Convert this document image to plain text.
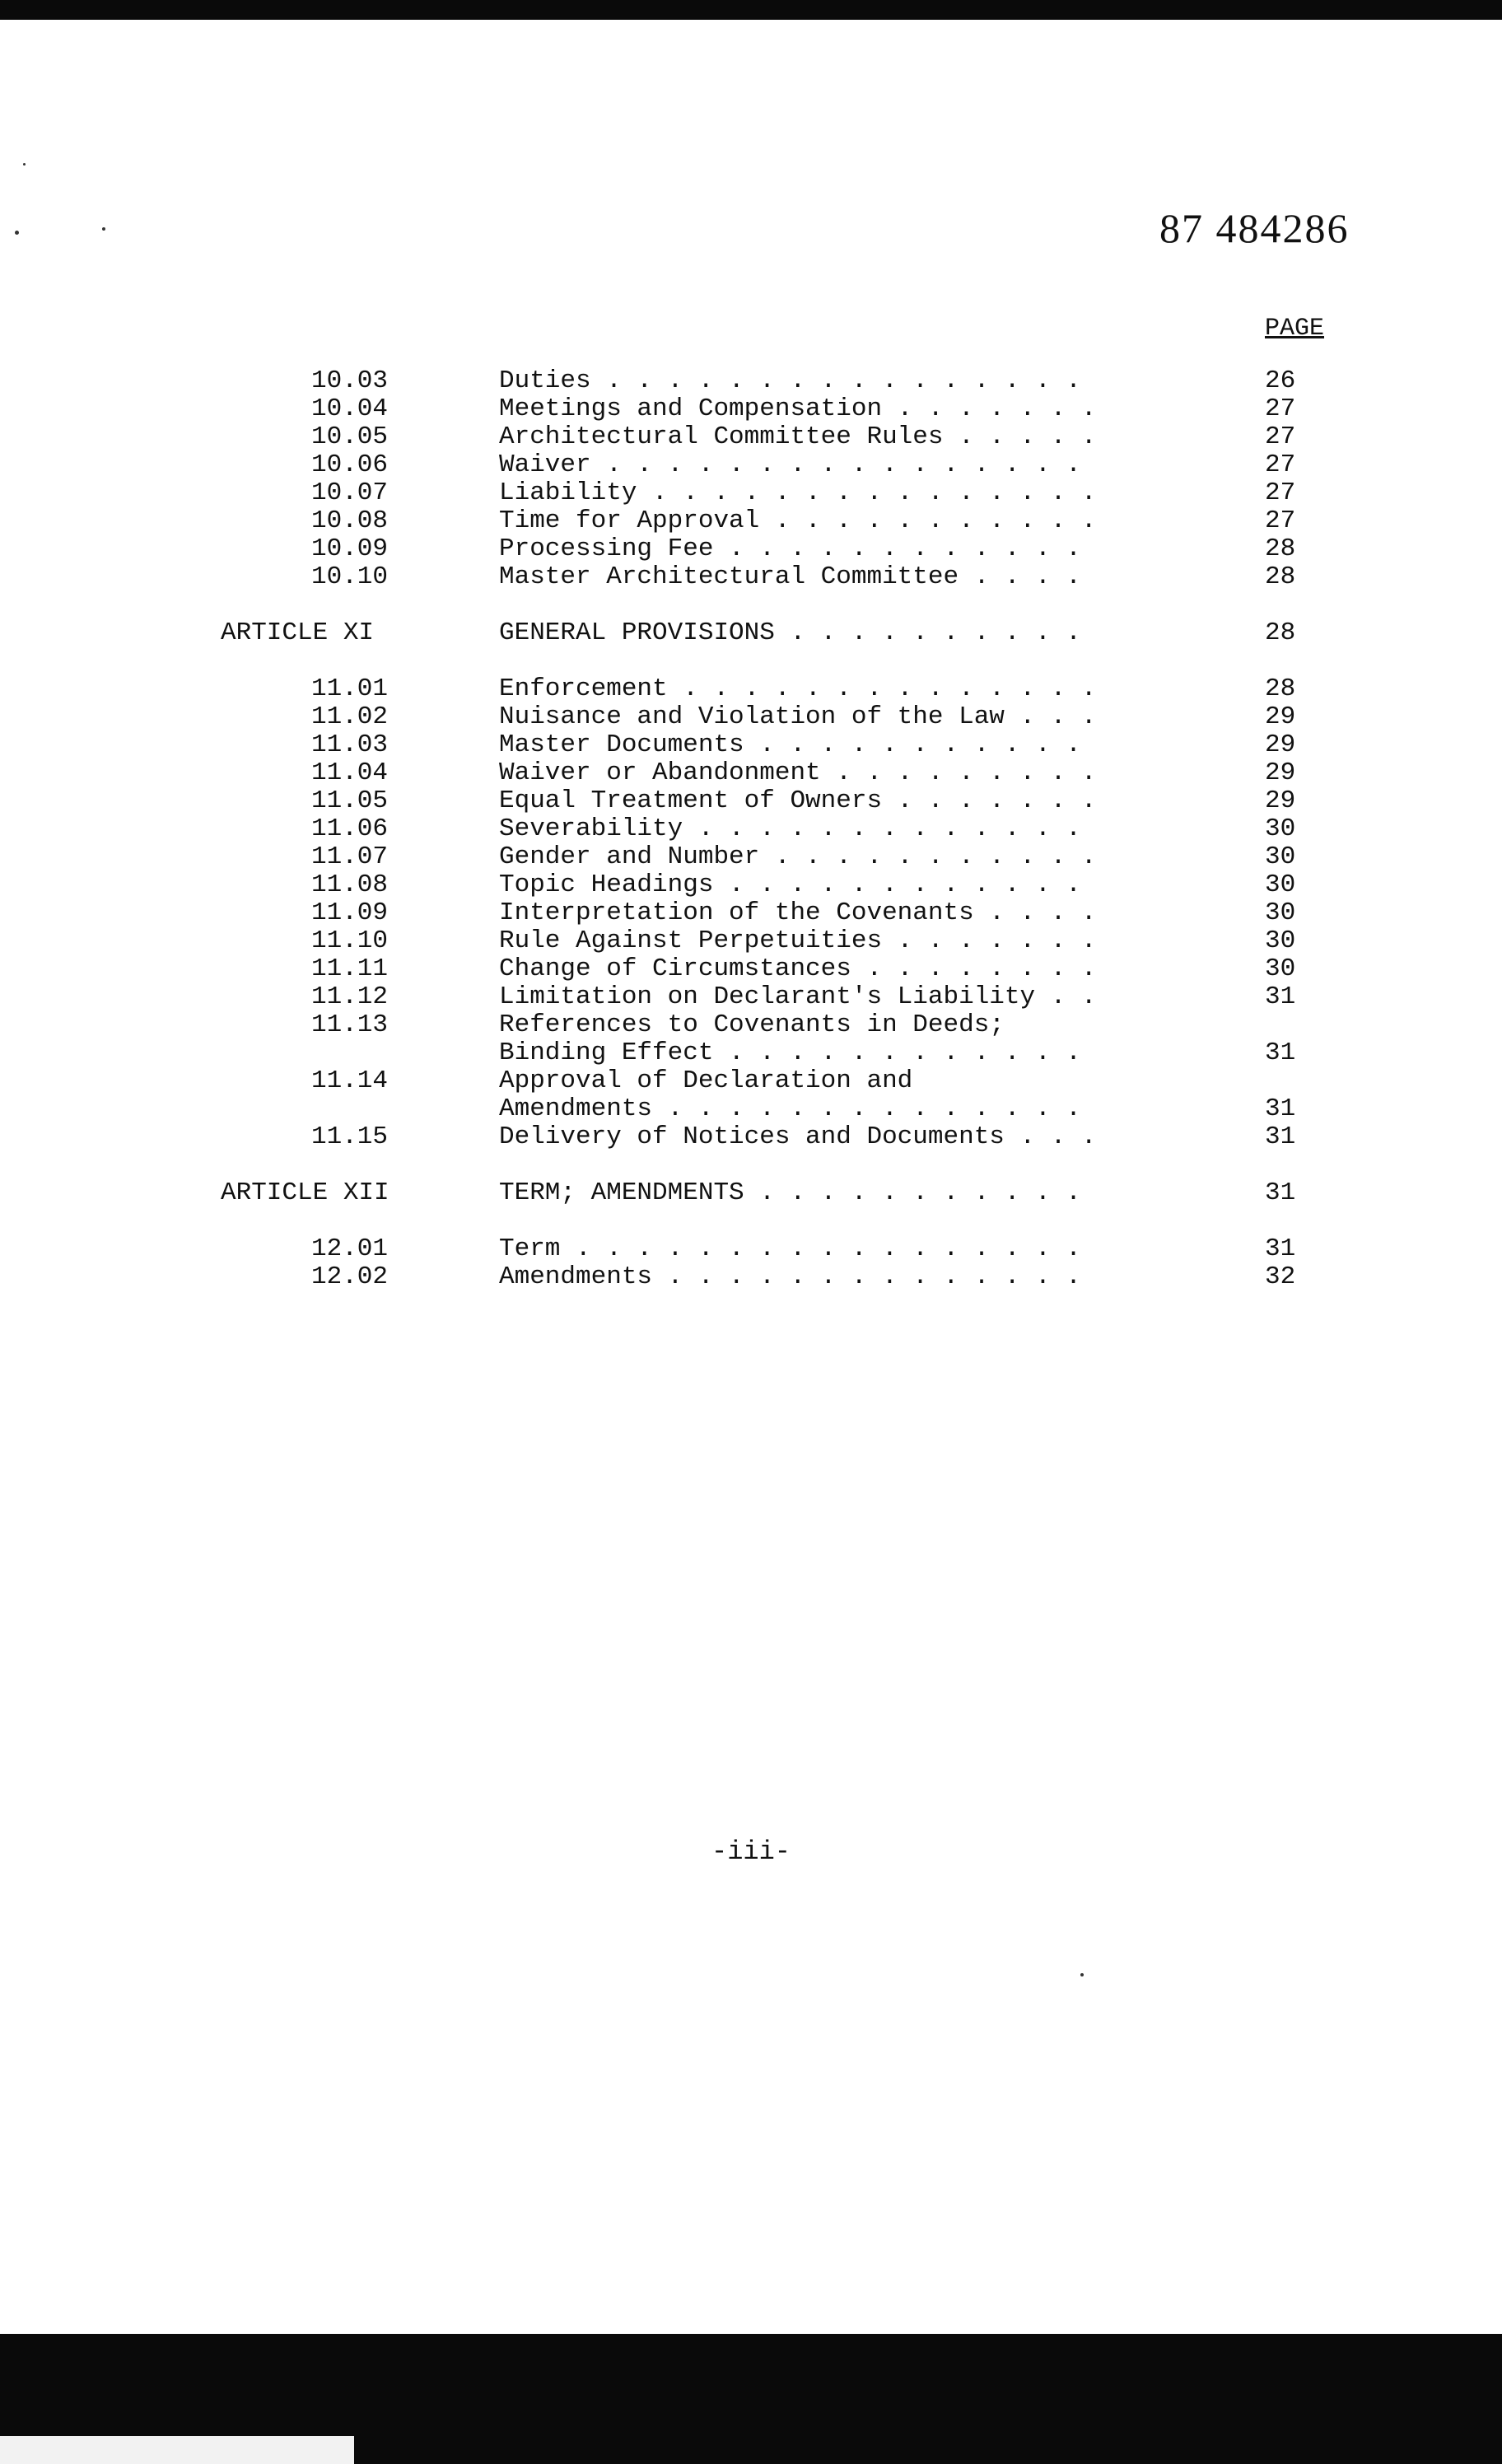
87 484286
PAGE
10.03	Duties . . . . . . . . . . . . . . . .	26
10.04	Meetings and Compensation . . . . . . .	27
10.05	Architectural Committee Rules . . . . .	27
10.06	Waiver . . . . . . . . . . . . . . . .	27
10.07	Liability . . . . . . . . . . . . . . .	27
10.08	Time for Approval . . . . . . . . . . .	27
10.09	Processing Fee . . . . . . . . . . . .	28
10.10	Master Architectural Committee . . . .	28
ARTICLE XI	GENERAL PROVISIONS . . . . . . . . . .	28
11.01	Enforcement . . . . . . . . . . . . . .	28
11.02	Nuisance and Violation of the Law . . .	29
11.03	Master Documents . . . . . . . . . . .	29
11.04	Waiver or Abandonment . . . . . . . . .	29
11.05	Equal Treatment of Owners . . . . . . .	29
11.06	Severability . . . . . . . . . . . . .	30
11.07	Gender and Number . . . . . . . . . . .	30
11.08	Topic Headings . . . . . . . . . . . .	30
11.09	Interpretation of the Covenants . . . .	30
11.10	Rule Against Perpetuities . . . . . . .	30
11.11	Change of Circumstances . . . . . . . .	30
11.12	Limitation on Declarant's Liability . .	31
11.13	References to Covenants in Deeds;
Binding Effect . . . . . . . . . . . .	31
11.14	Approval of Declaration and
Amendments . . . . . . . . . . . . . .	31
11.15	Delivery of Notices and Documents . . .	31
ARTICLE XII	TERM; AMENDMENTS . . . . . . . . . . .	31
12.01	Term . . . . . . . . . . . . . . . . .	31
12.02	Amendments . . . . . . . . . . . . . .	32
-iii-
